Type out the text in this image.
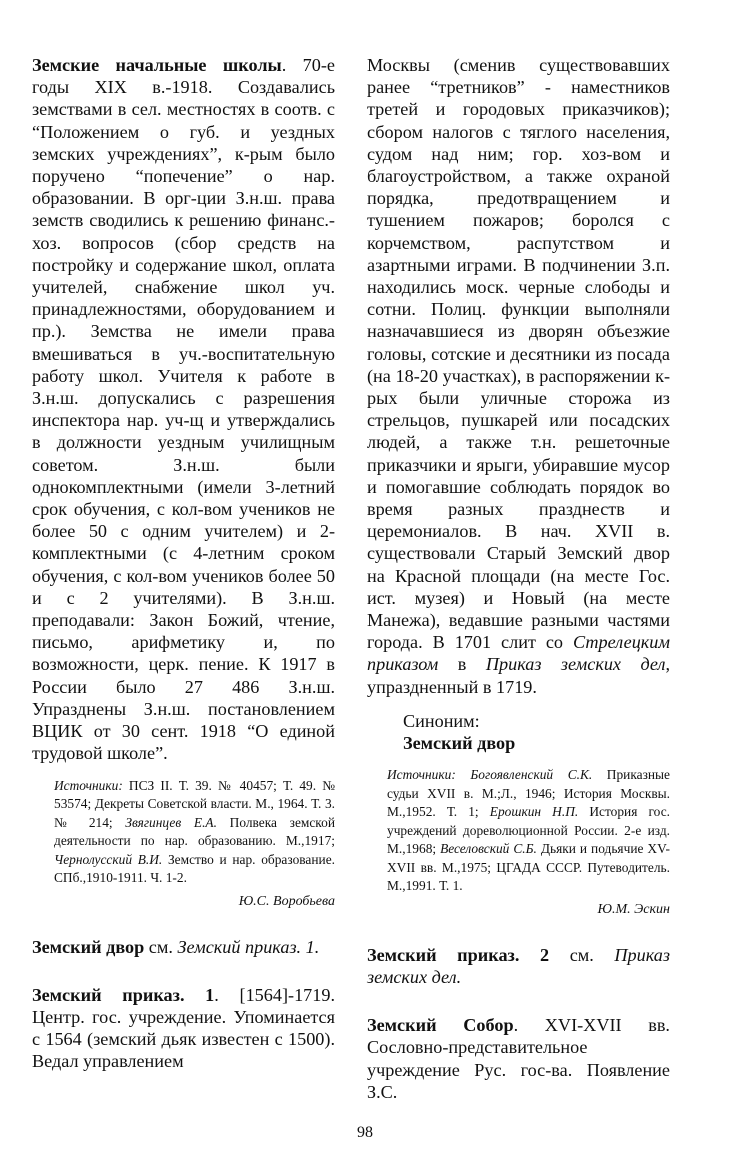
Земские начальные школы. 70-е годы XIX в.-1918. Создавались земствами в сел. местностях в соотв. с “Положением о губ. и уездных земских учреждениях”, к-рым было поручено “попечение” о нар. образовании. В орг-ции З.н.ш. права земств сводились к решению финанс.-хоз. вопросов (сбор средств на постройку и содержание школ, оплата учителей, снабжение школ уч. принадлежностями, оборудованием и пр.). Земства не имели права вмешиваться в уч.-воспитательную работу школ. Учителя к работе в З.н.ш. допускались с разрешения инспектора нар. уч-щ и утверждались в должности уездным училищным советом. З.н.ш. были однокомплектными (имели 3-летний срок обучения, с кол-вом учеников не более 50 с одним учителем) и 2-комплектными (с 4-летним сроком обучения, с кол-вом учеников более 50 и с 2 учителями). В З.н.ш. преподавали: Закон Божий, чтение, письмо, арифметику и, по возможности, церк. пение. К 1917 в России было 27 486 З.н.ш. Упразднены З.н.ш. постановлением ВЦИК от 30 сент. 1918 “О единой трудовой школе”.

Источники: ПСЗ II. Т. 39. № 40457; Т. 49. № 53574; Декреты Советской власти. М., 1964. Т. 3. № 214; Звягинцев Е.А. Полвека земской деятельности по нар. образованию. М.,1917; Чернолусский В.И. Земство и нар. образование. СПб.,1910-1911. Ч. 1-2.

Ю.С. Воробьева

Земский двор см. Земский приказ. 1.

Земский приказ. 1. [1564]-1719. Центр. гос. учреждение. Упоминается с 1564 (земский дьяк известен с 1500). Ведал управлением

Москвы (сменив существовавших ранее “третников” - наместников третей и городовых приказчиков); сбором налогов с тяглого населения, судом над ним; гор. хоз-вом и благоустройством, а также охраной порядка, предотвращением и тушением пожаров; боролся с корчемством, распутством и азартными играми. В подчинении З.п. находились моск. черные слободы и сотни. Полиц. функции выполняли назначавшиеся из дворян объезжие головы, сотские и десятники из посада (на 18-20 участках), в распоряжении к-рых были уличные сторожа из стрельцов, пушкарей или посадских людей, а также т.н. решеточные приказчики и ярыги, убиравшие мусор и помогавшие соблюдать порядок во время разных празднеств и церемониалов. В нач. XVII в. существовали Старый Земский двор на Красной площади (на месте Гос. ист. музея) и Новый (на месте Манежа), ведавшие разными частями города. В 1701 слит со Стрелецким приказом в Приказ земских дел, упраздненный в 1719.

Синоним:

Земский двор

Источники: Богоявленский С.К. Приказные судьи XVII в. М.;Л., 1946; История Москвы. М.,1952. Т. 1; Ерошкин Н.П. История гос. учреждений дореволюционной России. 2-е изд. М.,1968; Веселовский С.Б. Дьяки и подьячие XV-XVII вв. М.,1975; ЦГАДА СССР. Путеводитель. М.,1991. Т. 1.

Ю.М. Эскин

Земский приказ. 2 см. Приказ земских дел.

Земский Собор. XVI-XVII вв. Сословно-представительное учреждение Рус. гос-ва. Появление З.С.

98
